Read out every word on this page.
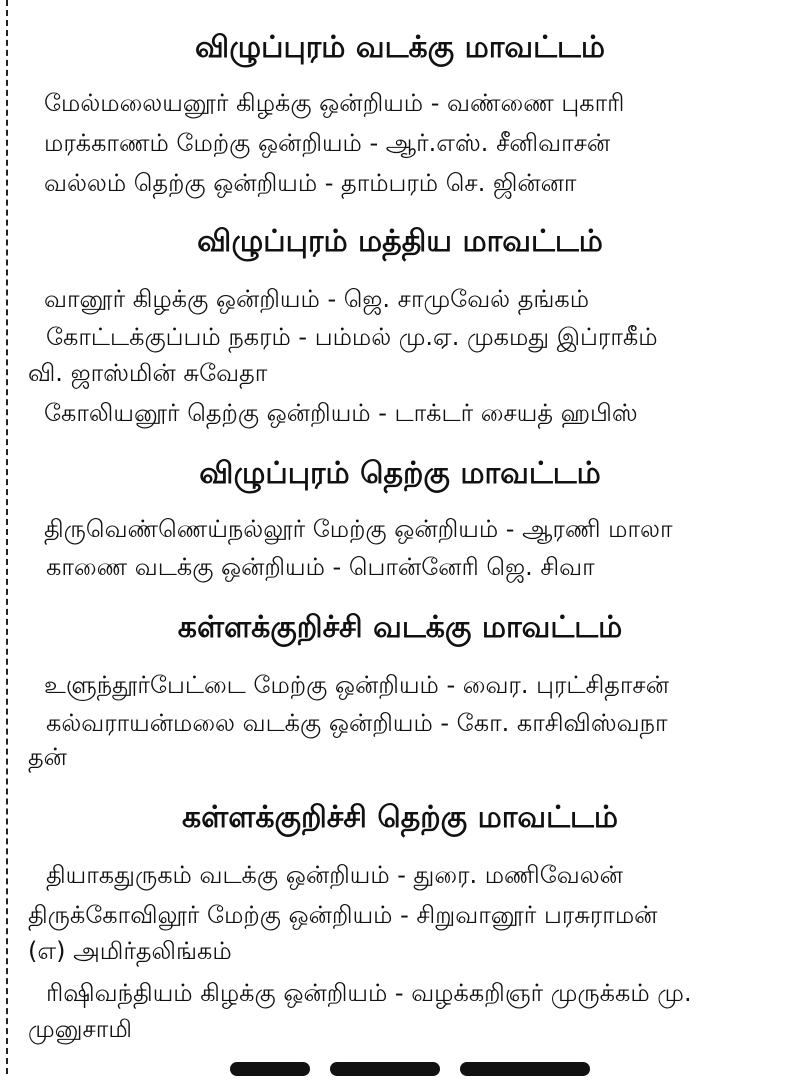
விழுப்புரம் வடக்கு மாவட்டம்
மேல்மலையனூர் கிழக்கு ஒன்றியம் - வண்ணை புகாரி
மரக்காணம் மேற்கு ஒன்றியம் - ஆர்.எஸ். சீனிவாசன்
வல்லம் தெற்கு ஒன்றியம் - தாம்பரம் செ. ஜின்னா
விழுப்புரம் மத்திய மாவட்டம்
வானூர் கிழக்கு ஒன்றியம் - ஜெ. சாமுவேல் தங்கம்
கோட்டக்குப்பம் நகரம் - பம்மல் மு.ஏ. முகமது இப்ராகீம்
வி. ஜாஸ்மின் சுவேதா
கோலியனூர் தெற்கு ஒன்றியம் - டாக்டர் சையத் ஹபிஸ்
விழுப்புரம் தெற்கு மாவட்டம்
திருவெண்ணெய்நல்லூர் மேற்கு ஒன்றியம் - ஆரணி மாலா
காணை வடக்கு ஒன்றியம் - பொன்னேரி ஜெ. சிவா
கள்ளக்குறிச்சி வடக்கு மாவட்டம்
உளுந்தூர்பேட்டை மேற்கு ஒன்றியம் - வைர. புரட்சிதாசன்
கல்வராயன்மலை வடக்கு ஒன்றியம் - கோ. காசிவிஸ்வநா
தன்
கள்ளக்குறிச்சி தெற்கு மாவட்டம்
தியாகதுருகம் வடக்கு ஒன்றியம் - துரை. மணிவேலன்
திருக்கோவிலூர் மேற்கு ஒன்றியம் - சிறுவானூர் பரசுராமன்
(எ) அமிர்தலிங்கம்
ரிஷிவந்தியம் கிழக்கு ஒன்றியம் - வழக்கறிஞர் முருக்கம் மு.
முனுசாமி
